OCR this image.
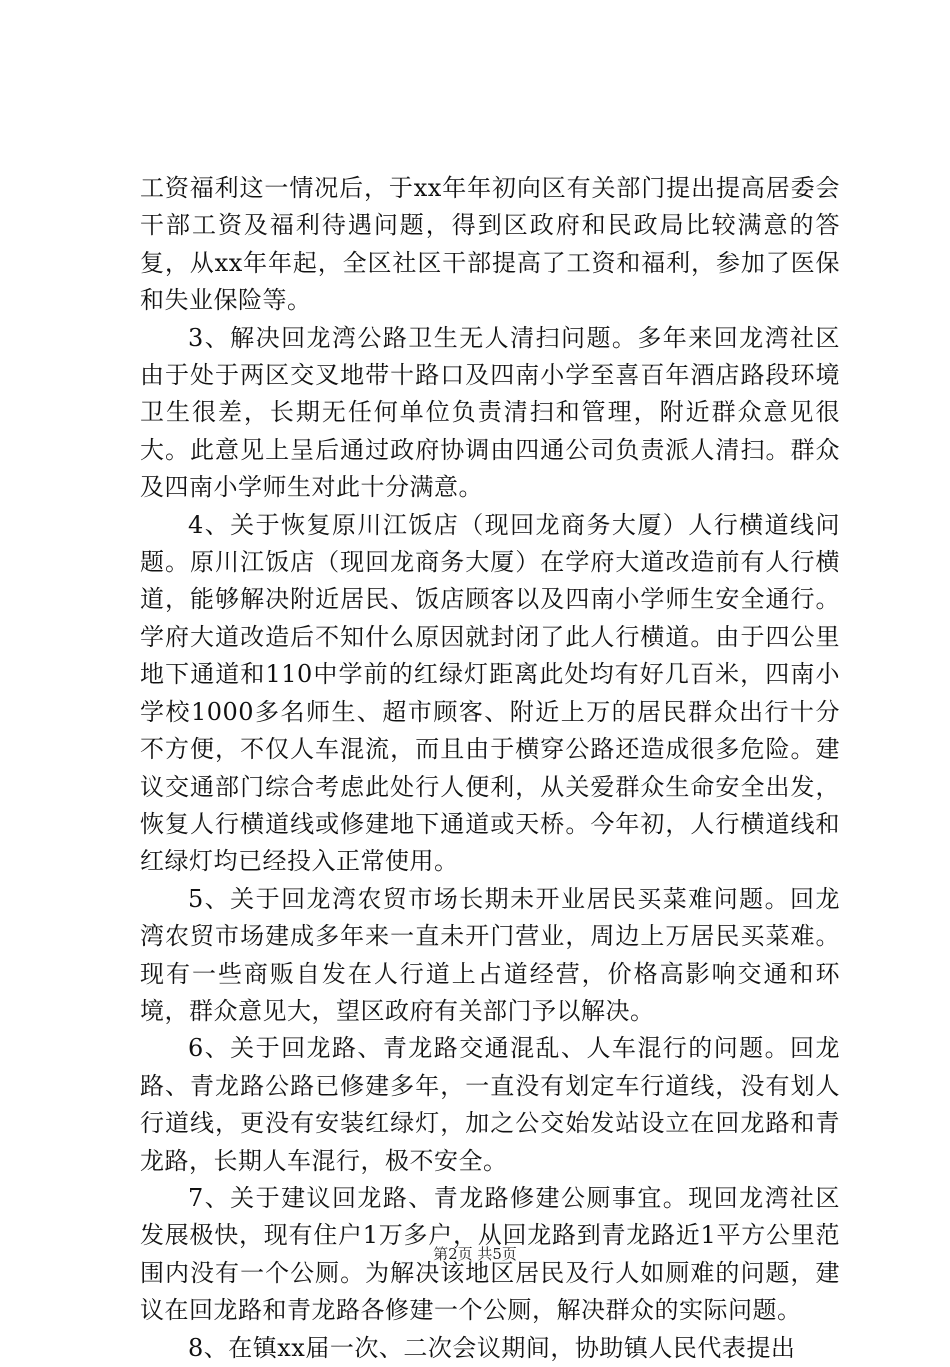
工资福利这一情况后，于xx年年初向区有关部门提出提高居委会干部工资及福利待遇问题，得到区政府和民政局比较满意的答复，从xx年年起，全区社区干部提高了工资和福利，参加了医保和失业保险等。

3、解决回龙湾公路卫生无人清扫问题。多年来回龙湾社区由于处于两区交叉地带十路口及四南小学至喜百年酒店路段环境卫生很差，长期无任何单位负责清扫和管理，附近群众意见很大。此意见上呈后通过政府协调由四通公司负责派人清扫。群众及四南小学师生对此十分满意。

4、关于恢复原川江饭店（现回龙商务大厦）人行横道线问题。原川江饭店（现回龙商务大厦）在学府大道改造前有人行横道，能够解决附近居民、饭店顾客以及四南小学师生安全通行。学府大道改造后不知什么原因就封闭了此人行横道。由于四公里地下通道和110中学前的红绿灯距离此处均有好几百米，四南小学校1000多名师生、超市顾客、附近上万的居民群众出行十分不方便，不仅人车混流，而且由于横穿公路还造成很多危险。建议交通部门综合考虑此处行人便利，从关爱群众生命安全出发，恢复人行横道线或修建地下通道或天桥。今年初，人行横道线和红绿灯均已经投入正常使用。

5、关于回龙湾农贸市场长期未开业居民买菜难问题。回龙湾农贸市场建成多年来一直未开门营业，周边上万居民买菜难。现有一些商贩自发在人行道上占道经营，价格高影响交通和环境，群众意见大，望区政府有关部门予以解决。

6、关于回龙路、青龙路交通混乱、人车混行的问题。回龙路、青龙路公路已修建多年，一直没有划定车行道线，没有划人行道线，更没有安装红绿灯，加之公交始发站设立在回龙路和青龙路，长期人车混行，极不安全。

7、关于建议回龙路、青龙路修建公厕事宜。现回龙湾社区发展极快，现有住户1万多户，从回龙路到青龙路近1平方公里范围内没有一个公厕。为解决该地区居民及行人如厕难的问题，建议在回龙路和青龙路各修建一个公厕，解决群众的实际问题。

8、在镇xx届一次、二次会议期间，协助镇人民代表提出

第2页 共5页
